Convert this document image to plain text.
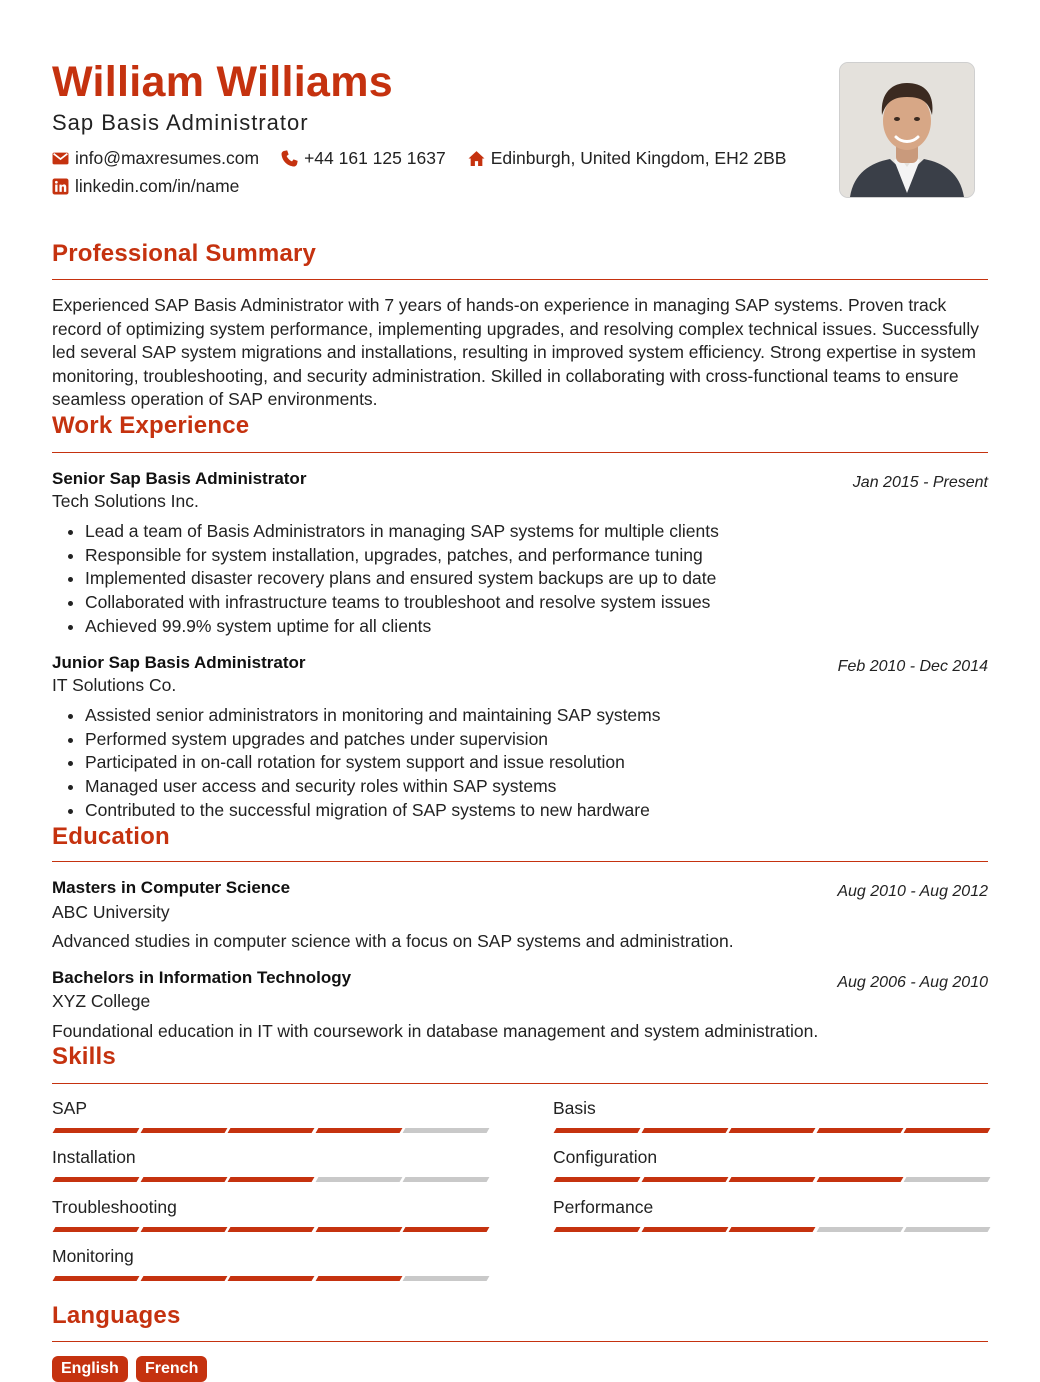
William Williams
Sap Basis Administrator
info@maxresumes.com	+44 161 125 1637	Edinburgh, United Kingdom, EH2 2BB
linkedin.com/in/name
Professional Summary
Experienced SAP Basis Administrator with 7 years of hands-on experience in managing SAP systems. Proven track record of optimizing system performance, implementing upgrades, and resolving complex technical issues. Successfully led several SAP system migrations and installations, resulting in improved system efficiency. Strong expertise in system monitoring, troubleshooting, and security administration. Skilled in collaborating with cross-functional teams to ensure seamless operation of SAP environments.
Work Experience
Senior Sap Basis Administrator	Jan 2015 - Present
Tech Solutions Inc.
• Lead a team of Basis Administrators in managing SAP systems for multiple clients
• Responsible for system installation, upgrades, patches, and performance tuning
• Implemented disaster recovery plans and ensured system backups are up to date
• Collaborated with infrastructure teams to troubleshoot and resolve system issues
• Achieved 99.9% system uptime for all clients
Junior Sap Basis Administrator	Feb 2010 - Dec 2014
IT Solutions Co.
• Assisted senior administrators in monitoring and maintaining SAP systems
• Performed system upgrades and patches under supervision
• Participated in on-call rotation for system support and issue resolution
• Managed user access and security roles within SAP systems
• Contributed to the successful migration of SAP systems to new hardware
Education
Masters in Computer Science	Aug 2010 - Aug 2012
ABC University
Advanced studies in computer science with a focus on SAP systems and administration.
Bachelors in Information Technology	Aug 2006 - Aug 2010
XYZ College
Foundational education in IT with coursework in database management and system administration.
Skills
SAP	Basis
Installation	Configuration
Troubleshooting	Performance
Monitoring
Languages
English	French
